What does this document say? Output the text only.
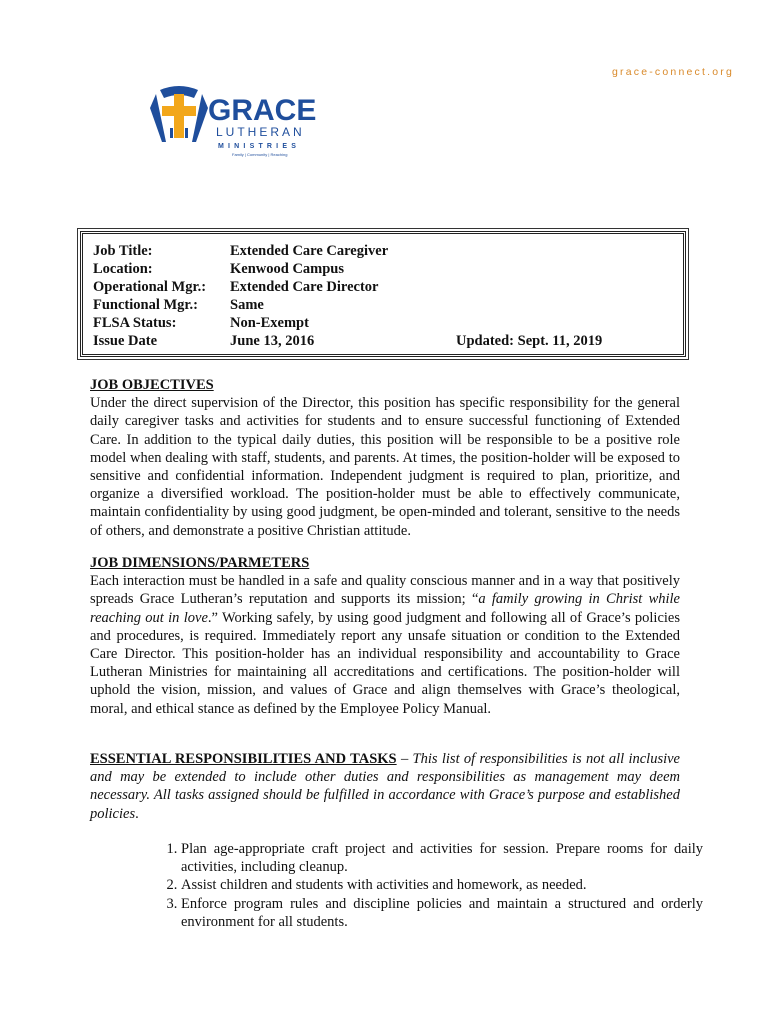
grace-connect.org
GRACE
LUTHERAN
MINISTRIES
Family | Community | Reaching
Job Title:	Extended Care Caregiver
Location:	Kenwood Campus
Operational Mgr.: Extended Care Director
Functional Mgr.: Same
FLSA Status:	Non-Exempt
Issue Date	June 13, 2016	Updated: Sept. 11, 2019
JOB OBJECTIVES
Under the direct supervision of the Director, this position has specific responsibility for the general daily caregiver tasks and activities for students and to ensure successful functioning of Extended Care. In addition to the typical daily duties, this position will be responsible to be a positive role model when dealing with staff, students, and parents. At times, the position-holder will be exposed to sensitive and confidential information. Independent judgment is required to plan, prioritize, and organize a diversified workload. The position-holder must be able to effectively communicate, maintain confidentiality by using good judgment, be open-minded and tolerant, sensitive to the needs of others, and demonstrate a positive Christian attitude.
JOB DIMENSIONS/PARMETERS
Each interaction must be handled in a safe and quality conscious manner and in a way that positively spreads Grace Lutheran’s reputation and supports its mission; “a family growing in Christ while reaching out in love.” Working safely, by using good judgment and following all of Grace’s policies and procedures, is required. Immediately report any unsafe situation or condition to the Extended Care Director. This position-holder has an individual responsibility and accountability to Grace Lutheran Ministries for maintaining all accreditations and certifications. The position-holder will uphold the vision, mission, and values of Grace and align themselves with Grace’s theological, moral, and ethical stance as defined by the Employee Policy Manual.
ESSENTIAL RESPONSIBILITIES AND TASKS – This list of responsibilities is not all inclusive and may be extended to include other duties and responsibilities as management may deem necessary. All tasks assigned should be fulfilled in accordance with Grace’s purpose and established policies.
1. Plan age-appropriate craft project and activities for session. Prepare rooms for daily activities, including cleanup.
2. Assist children and students with activities and homework, as needed.
3. Enforce program rules and discipline policies and maintain a structured and orderly environment for all students.
